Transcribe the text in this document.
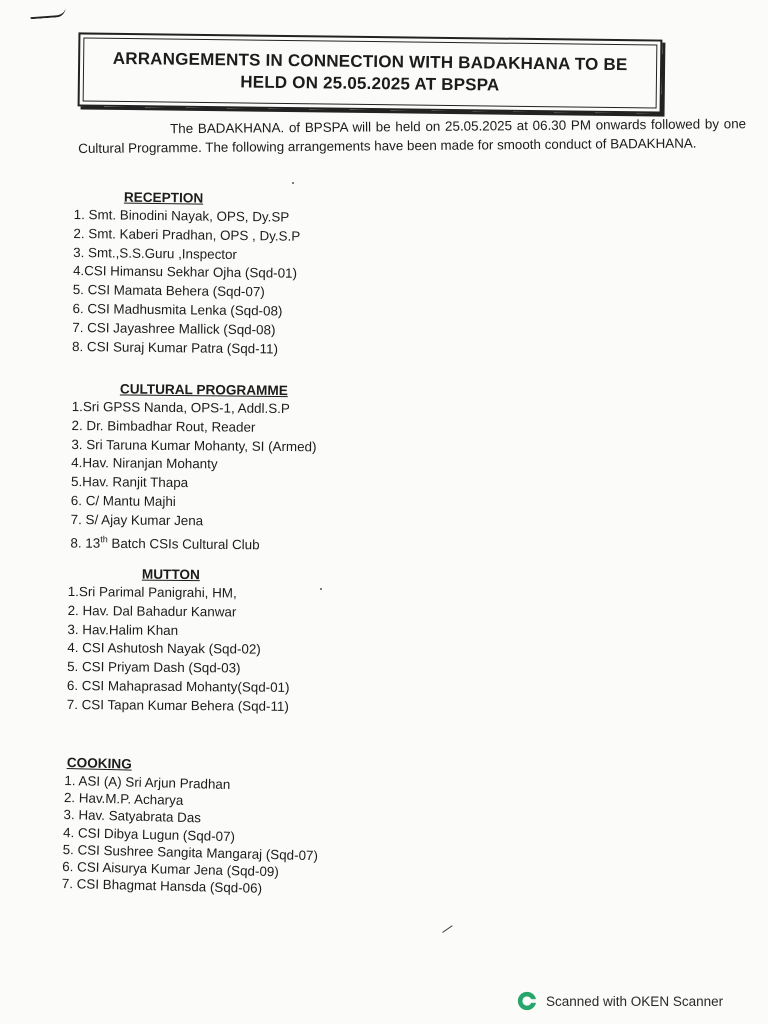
ARRANGEMENTS IN CONNECTION WITH BADAKHANA TO BE HELD ON 25.05.2025 AT BPSPA
The BADAKHANA. of BPSPA will be held on 25.05.2025 at 06.30 PM onwards followed by one Cultural Programme. The following arrangements have been made for smooth conduct of BADAKHANA.
RECEPTION
1. Smt. Binodini Nayak, OPS, Dy.SP
2. Smt. Kaberi Pradhan, OPS , Dy.S.P
3. Smt.,S.S.Guru ,Inspector
4.CSI Himansu Sekhar Ojha (Sqd-01)
5. CSI Mamata Behera (Sqd-07)
6. CSI Madhusmita Lenka (Sqd-08)
7. CSI Jayashree Mallick (Sqd-08)
8. CSI Suraj Kumar Patra (Sqd-11)
CULTURAL PROGRAMME
1.Sri GPSS Nanda, OPS-1, Addl.S.P
2. Dr. Bimbadhar Rout, Reader
3. Sri Taruna Kumar Mohanty, SI (Armed)
4.Hav. Niranjan Mohanty
5.Hav. Ranjit Thapa
6. C/ Mantu Majhi
7. S/ Ajay Kumar Jena
8. 13th Batch CSIs Cultural Club
MUTTON
1.Sri Parimal Panigrahi, HM,
2. Hav. Dal Bahadur Kanwar
3. Hav.Halim Khan
4. CSI Ashutosh Nayak (Sqd-02)
5. CSI Priyam Dash (Sqd-03)
6. CSI Mahaprasad Mohanty(Sqd-01)
7. CSI Tapan Kumar Behera (Sqd-11)
COOKING
1. ASI (A) Sri Arjun Pradhan
2. Hav.M.P. Acharya
3. Hav. Satyabrata Das
4. CSI Dibya Lugun (Sqd-07)
5. CSI Sushree Sangita Mangaraj (Sqd-07)
6. CSI Aisurya Kumar Jena (Sqd-09)
7. CSI Bhagmat Hansda (Sqd-06)
Scanned with OKEN Scanner
